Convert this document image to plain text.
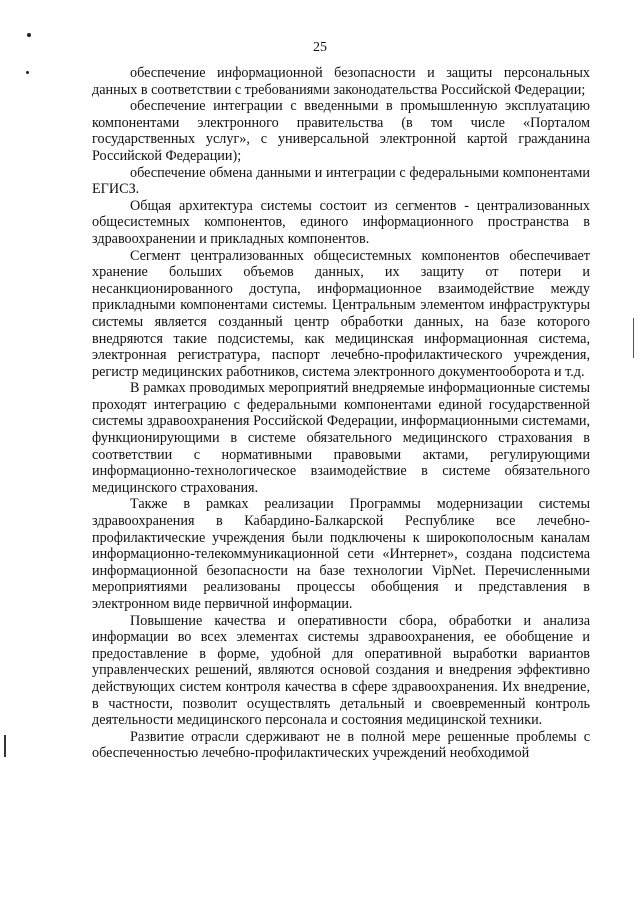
25

обеспечение информационной безопасности и защиты персональных данных в соответствии с требованиями законодательства Российской Федерации;

обеспечение интеграции с введенными в промышленную эксплуатацию компонентами электронного правительства (в том числе «Порталом государственных услуг», с универсальной электронной картой гражданина Российской Федерации);

обеспечение обмена данными и интеграции с федеральными компонентами ЕГИСЗ.

Общая архитектура системы состоит из сегментов - централизованных общесистемных компонентов, единого информационного пространства в здравоохранении и прикладных компонентов.

Сегмент централизованных общесистемных компонентов обеспечивает хранение больших объемов данных, их защиту от потери и несанкционированного доступа, информационное взаимодействие между прикладными компонентами системы. Центральным элементом инфраструктуры системы является созданный центр обработки данных, на базе которого внедряются такие подсистемы, как медицинская информационная система, электронная регистратура, паспорт лечебно-профилактического учреждения, регистр медицинских работников, система электронного документооборота и т.д.

В рамках проводимых мероприятий внедряемые информационные системы проходят интеграцию с федеральными компонентами единой государственной системы здравоохранения Российской Федерации, информационными системами, функционирующими в системе обязательного медицинского страхования в соответствии с нормативными правовыми актами, регулирующими информационно-технологическое взаимодействие в системе обязательного медицинского страхования.

Также в рамках реализации Программы модернизации системы здравоохранения в Кабардино-Балкарской Республике все лечебно-профилактические учреждения были подключены к широкополосным каналам информационно-телекоммуникационной сети «Интернет», создана подсистема информационной безопасности на базе технологии VipNet. Перечисленными мероприятиями реализованы процессы обобщения и представления в электронном виде первичной информации.

Повышение качества и оперативности сбора, обработки и анализа информации во всех элементах системы здравоохранения, ее обобщение и предоставление в форме, удобной для оперативной выработки вариантов управленческих решений, являются основой создания и внедрения эффективно действующих систем контроля качества в сфере здравоохранения. Их внедрение, в частности, позволит осуществлять детальный и своевременный контроль деятельности медицинского персонала и состояния медицинской техники.

Развитие отрасли сдерживают не в полной мере решенные проблемы с обеспеченностью лечебно-профилактических учреждений необходимой
